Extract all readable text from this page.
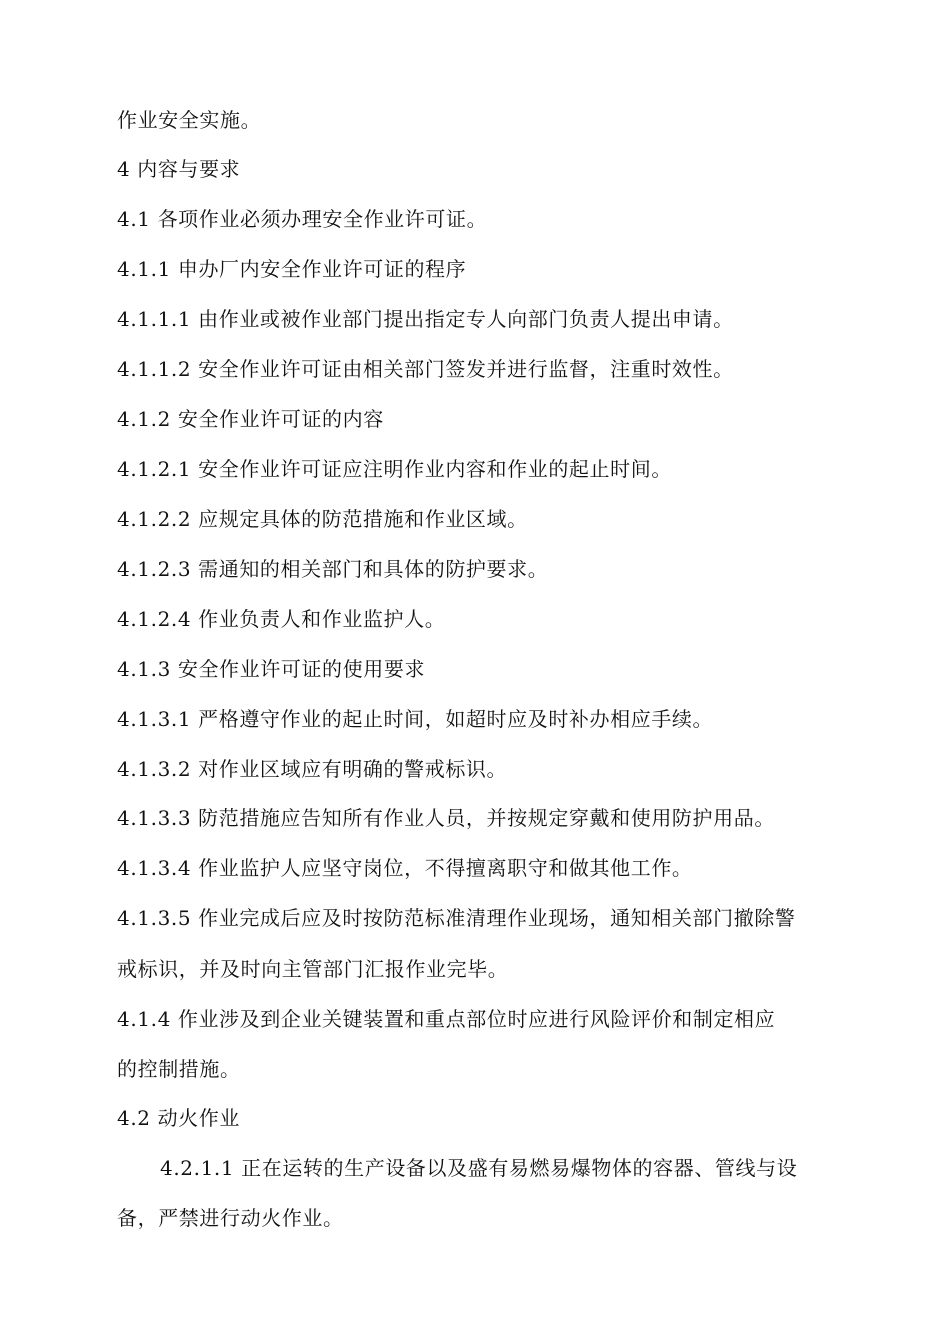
作业安全实施。
4 内容与要求
4.1 各项作业必须办理安全作业许可证。
4.1.1 申办厂内安全作业许可证的程序
4.1.1.1 由作业或被作业部门提出指定专人向部门负责人提出申请。
4.1.1.2 安全作业许可证由相关部门签发并进行监督，注重时效性。
4.1.2 安全作业许可证的内容
4.1.2.1 安全作业许可证应注明作业内容和作业的起止时间。
4.1.2.2 应规定具体的防范措施和作业区域。
4.1.2.3 需通知的相关部门和具体的防护要求。
4.1.2.4 作业负责人和作业监护人。
4.1.3 安全作业许可证的使用要求
4.1.3.1 严格遵守作业的起止时间，如超时应及时补办相应手续。
4.1.3.2 对作业区域应有明确的警戒标识。
4.1.3.3 防范措施应告知所有作业人员，并按规定穿戴和使用防护用品。
4.1.3.4 作业监护人应坚守岗位，不得擅离职守和做其他工作。
4.1.3.5 作业完成后应及时按防范标准清理作业现场，通知相关部门撤除警
戒标识，并及时向主管部门汇报作业完毕。
4.1.4 作业涉及到企业关键装置和重点部位时应进行风险评价和制定相应
的控制措施。
4.2 动火作业
4.2.1.1 正在运转的生产设备以及盛有易燃易爆物体的容器、管线与设
备，严禁进行动火作业。
